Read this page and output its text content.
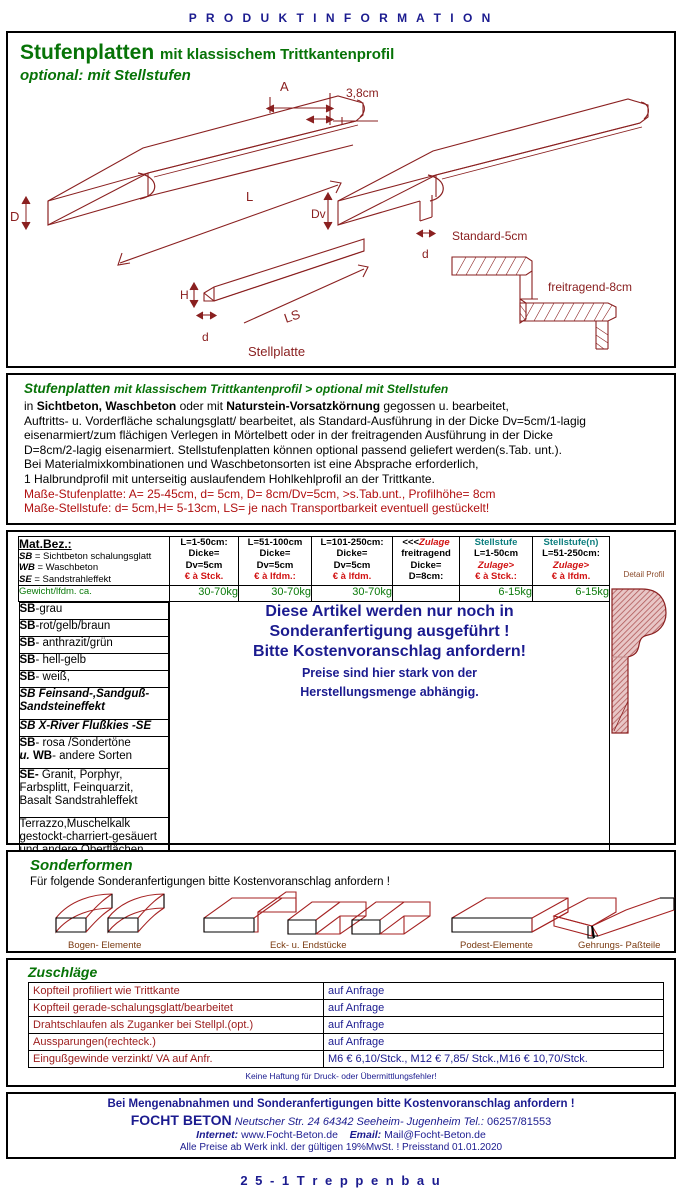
P R O D U K T I N F O R M A T I O N
Stufenplatten mit klassischem Trittkantenprofil
optional: mit Stellstufen
A	3,8cm
D
L
Dv
d
H
d
LS
Stellplatte
Standard-5cm
freitragend-8cm
Stufenplatten mit klassischem Trittkantenprofil > optional mit Stellstufen
in Sichtbeton, Waschbeton oder mit Naturstein-Vorsatzkörnung gegossen u. bearbeitet,
Auftritts- u. Vorderfläche schalungsglatt/ bearbeitet, als Standard-Ausführung in der Dicke Dv=5cm/1-lagig
eisenarmiert/zum flächigen Verlegen in Mörtelbett oder in der freitragenden Ausführung in der Dicke
D=8cm/2-lagig eisenarmiert. Stellstufenplatten können optional passend geliefert werden(s.Tab. unt.).
Bei Materialmixkombinationen und Waschbetonsorten ist eine Absprache erforderlich,
1 Halbrundprofil mit unterseitig auslaufendem Hohlkehlprofil an der Trittkante.
Maße-Stufenplatte: A= 25-45cm, d= 5cm, D= 8cm/Dv=5cm, >s.Tab.unt., Profilhöhe= 8cm
Maße-Stellstufe: d= 5cm,H= 5-13cm, LS= je nach Transportbarkeit eventuell gestückelt!
Mat.Bez.:
SB = Sichtbeton schalungsglatt
WB = Waschbeton
SE = Sandstrahleffekt

L=1-50cm:
Dicke=
Dv=5cm
€ à Stck.

L=51-100cm
Dicke=
Dv=5cm
€ à lfdm.:

L=101-250cm:
Dicke=
Dv=5cm
€ à lfdm.

<<<Zulage
freitragend
Dicke=
D=8cm:

Stellstufe
L=1-50cm
Zulage>
€ à Stck.:

Stellstufe(n)
L=51-250cm:
Zulage>
€ à lfdm.

Gewicht/lfdm. ca.	30-70kg	30-70kg	30-70kg		6-15kg	6-15kg

SB-grau
SB-rot/gelb/braun
SB- anthrazit/grün
SB- hell-gelb
SB- weiß,
SB Feinsand-,Sandguß-
Sandsteineffekt
SB X-River Flußkies -SE
SB- rosa /Sondertöne
u. WB- andere Sorten
SE- Granit, Porphyr,
Farbsplitt, Feinquarzit,
Basalt Sandstrahleffekt
Terrazzo,Muschelkalk
gestockt-charriert-gesäuert

Diese Artikel werden nur noch in
Sonderanfertigung ausgeführt !
Bitte Kostenvoranschlag anfordern!
Preise sind hier stark von der
Herstellungsmenge abhängig.
Detail Profil
Sonderformen
Für folgende Sonderanfertigungen bitte Kostenvoranschlag anfordern !
Bogen- Elemente	Eck- u. Endstücke	Podest-Elemente	Gehrungs- Paßteile
Zuschläge
Kopfteil profiliert wie Trittkante	auf Anfrage
Kopfteil gerade-schalungsglatt/bearbeitet	auf Anfrage
Drahtschlaufen als Zuganker bei Stellpl.(opt.)	auf Anfrage
Aussparungen(rechteck.)	auf Anfrage
Eingußgewinde verzinkt/ VA auf Anfr.	M6 € 6,10/Stck., M12 € 7,85/ Stck.,M16 € 10,70/Stck.
Keine Haftung für Druck- oder Übermittlungsfehler!
Bei Mengenabnahmen und Sonderanfertigungen bitte Kostenvoranschlag anfordern !
FOCHT BETON Neutscher Str. 24 64342 Seeheim- Jugenheim Tel.: 06257/81553
Internet: www.Focht-Beton.de Email: Mail@Focht-Beton.de
Alle Preise ab Werk inkl. der gültigen 19%MwSt. ! Preisstand 01.01.2020
2 5 - 1 T r e p p e n b a u
